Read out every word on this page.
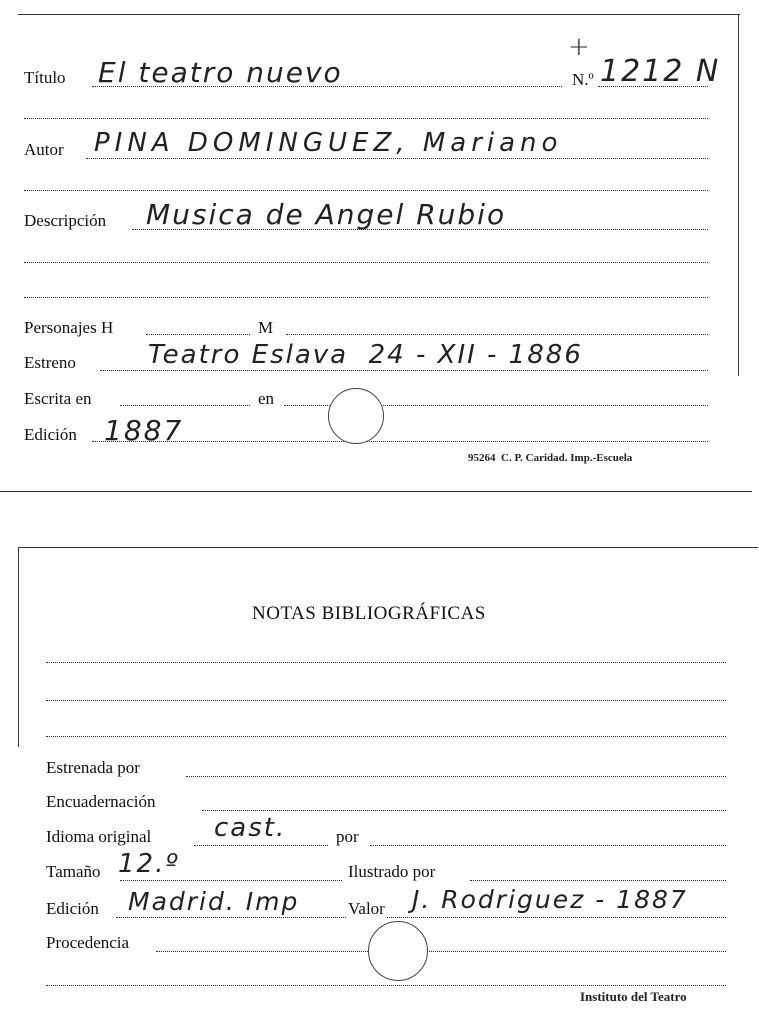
Título El teatro nuevo
+
N.º 1212 N
Autor PINA DOMINGUEZ, Mariano
Descripción Musica de Angel Rubio
Personajes H	M
Estreno	Teatro Eslava  24 - XII - 1886
Escrita en	en
Edición 1887
95264  C. P. Caridad. Imp.-Escuela
NOTAS BIBLIOGRÁFICAS
Estrenada por
Encuadernación
Idioma original cast.	por
Tamaño 12.º	Ilustrado por
Edición Madrid. Imp	Valor J. Rodriguez - 1887
Procedencia
Instituto del Teatro
